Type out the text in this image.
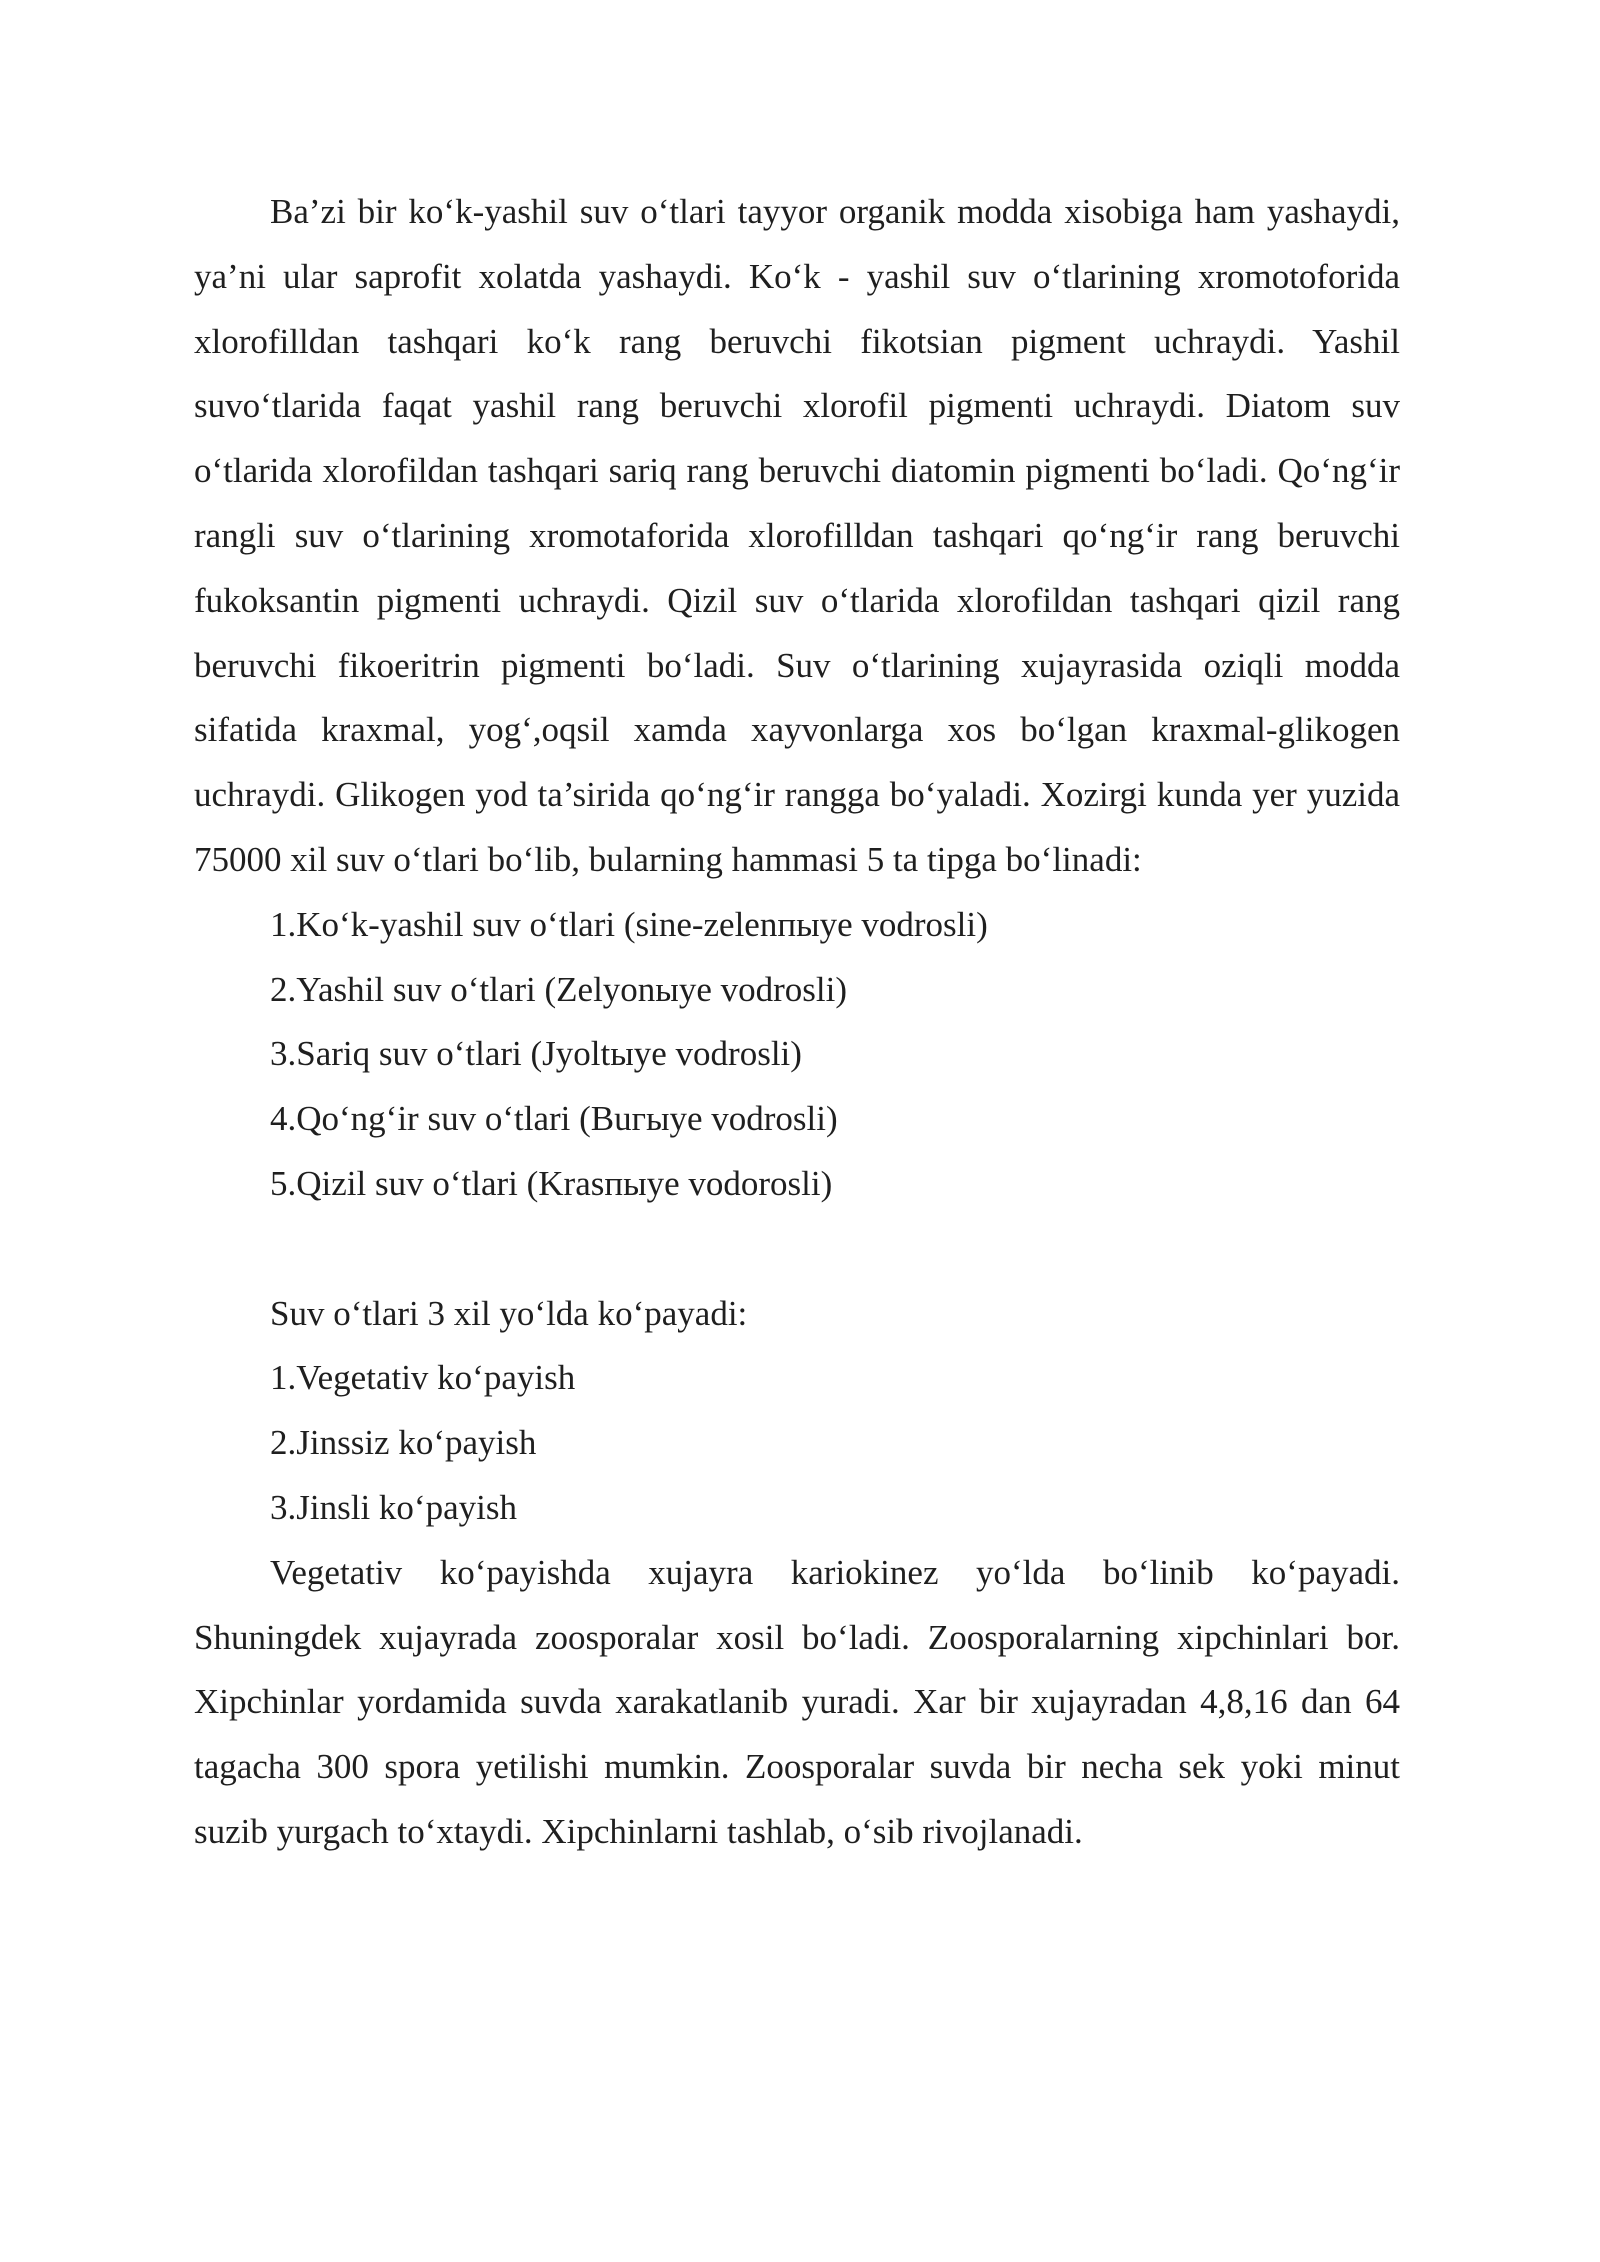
Ba’zi bir ko‘k-yashil suv o‘tlari tayyor organik modda xisobiga ham yashaydi, ya’ni ular saprofit xolatda yashaydi. Ko‘k - yashil suv o‘tlarining xromotoforida xlorofilldan tashqari ko‘k rang beruvchi fikotsian pigment uchraydi. Yashil suvo‘tlarida faqat yashil rang beruvchi xlorofil pigmenti uchraydi. Diatom suv o‘tlarida xlorofildan tashqari sariq rang beruvchi diatomin pigmenti bo‘ladi. Qo‘ng‘ir rangli suv o‘tlarining xromotaforida xlorofilldan tashqari qo‘ng‘ir rang beruvchi fukoksantin pigmenti uchraydi. Qizil suv o‘tlarida xlorofildan tashqari qizil rang beruvchi fikoeritrin pigmenti bo‘ladi. Suv o‘tlarining xujayrasida oziqli modda sifatida kraxmal, yog‘,oqsil xamda xayvonlarga xos bo‘lgan kraxmal-glikogen uchraydi. Glikogen yod ta’sirida qo‘ng‘ir rangga bo‘yaladi. Xozirgi kunda yer yuzida 75000 xil suv o‘tlari bo‘lib, bularning hammasi 5 ta tipga bo‘linadi:

1.Ko‘k-yashil suv o‘tlari (sine-zelenпыye vodrosli)

2.Yashil suv o‘tlari (Zelyonыye vodrosli)

3.Sariq suv o‘tlari (Jyoltыye vodrosli)

4.Qo‘ng‘ir suv o‘tlari (Buгыye vodrosli)

5.Qizil suv o‘tlari (Krasпыye vodorosli)

Suv o‘tlari 3 xil yo‘lda ko‘payadi:

1.Vegetativ ko‘payish

2.Jinssiz ko‘payish

3.Jinsli ko‘payish

Vegetativ ko‘payishda xujayra kariokinez yo‘lda bo‘linib ko‘payadi. Shuningdek xujayrada zoosporalar xosil bo‘ladi. Zoosporalarning xipchinlari bor. Xipchinlar yordamida suvda xarakatlanib yuradi. Xar bir xujayradan 4,8,16 dan 64 tagacha 300 spora yetilishi mumkin. Zoosporalar suvda bir necha sek yoki minut suzib yurgach to‘xtaydi. Xipchinlarni tashlab, o‘sib rivojlanadi.
